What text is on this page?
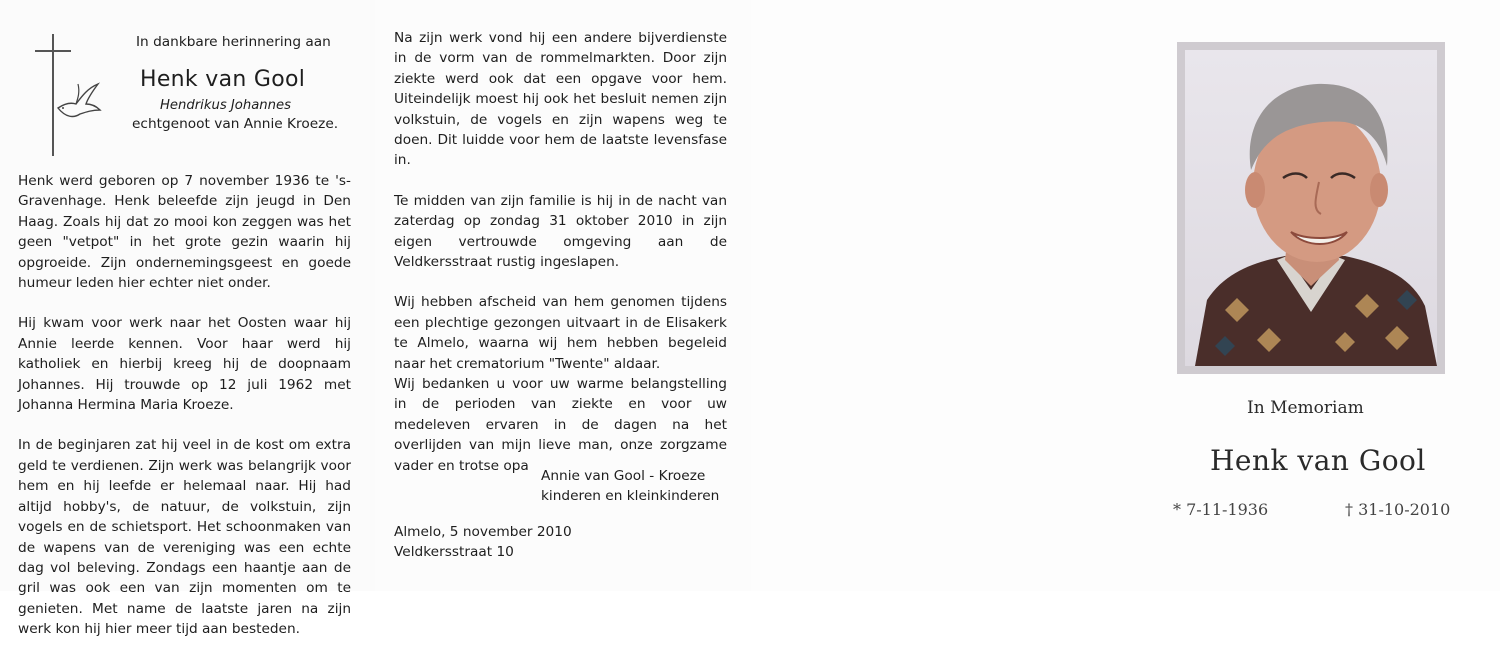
In dankbare herinnering aan
Henk van Gool
Hendrikus Johannes
echtgenoot van Annie Kroeze.

Henk werd geboren op 7 november 1936 te 's-Gravenhage. Henk beleefde zijn jeugd in Den Haag. Zoals hij dat zo mooi kon zeggen was het geen "vetpot" in het grote gezin waarin hij opgroeide. Zijn ondernemingsgeest en goede humeur leden hier echter niet onder.

Hij kwam voor werk naar het Oosten waar hij Annie leerde kennen. Voor haar werd hij katholiek en hierbij kreeg hij de doopnaam Johannes. Hij trouwde op 12 juli 1962 met Johanna Hermina Maria Kroeze.

In de beginjaren zat hij veel in de kost om extra geld te verdienen. Zijn werk was belangrijk voor hem en hij leefde er helemaal naar. Hij had altijd hobby's, de natuur, de volkstuin, zijn vogels en de schietsport. Het schoonmaken van de wapens van de vereniging was een echte dag vol beleving. Zondags een haantje aan de gril was ook een van zijn momenten om te genieten. Met name de laatste jaren na zijn werk kon hij hier meer tijd aan besteden.

Na zijn werk vond hij een andere bijverdienste in de vorm van de rommelmarkten. Door zijn ziekte werd ook dat een opgave voor hem. Uiteindelijk moest hij ook het besluit nemen zijn volkstuin, de vogels en zijn wapens weg te doen. Dit luidde voor hem de laatste levensfase in.

Te midden van zijn familie is hij in de nacht van zaterdag op zondag 31 oktober 2010 in zijn eigen vertrouwde omgeving aan de Veldkersstraat rustig ingeslapen.

Wij hebben afscheid van hem genomen tijdens een plechtige gezongen uitvaart in de Elisakerk te Almelo, waarna wij hem hebben begeleid naar het crematorium "Twente" aldaar.

Wij bedanken u voor uw warme belangstelling in de perioden van ziekte en voor uw medeleven ervaren in de dagen na het overlijden van mijn lieve man, onze zorgzame vader en trotse opa

Annie van Gool - Kroeze
kinderen en kleinkinderen
Almelo, 5 november 2010
Veldkersstraat 10
In Memoriam
Henk van Gool
* 7-11-1936	† 31-10-2010
